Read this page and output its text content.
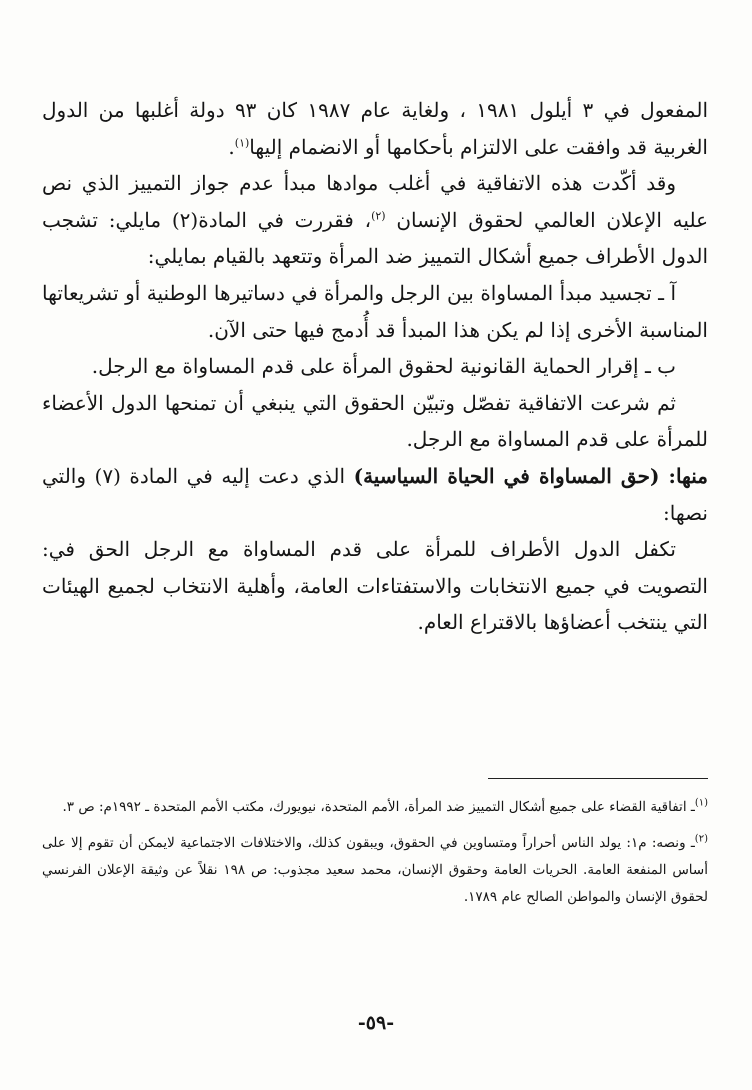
المفعول في ٣ أيلول ١٩٨١ ، ولغاية عام ١٩٨٧ كان ٩٣ دولة أغلبها من الدول الغربية قد وافقت على الالتزام بأحكامها أو الانضمام إليها$^{(١)}$.

وقد أكّدت هذه الاتفاقية في أغلب موادها مبدأ عدم جواز التمييز الذي نص عليه الإعلان العالمي لحقوق الإنسان $^{(٢)}$، فقررت في المادة(٢) مايلي: تشجب الدول الأطراف جميع أشكال التمييز ضد المرأة وتتعهد بالقيام بمايلي:

آ ـ تجسيد مبدأ المساواة بين الرجل والمرأة في دساتيرها الوطنية أو تشريعاتها المناسبة الأخرى إذا لم يكن هذا المبدأ قد أُدمج فيها حتى الآن.

ب ـ إقرار الحماية القانونية لحقوق المرأة على قدم المساواة مع الرجل.

ثم شرعت الاتفاقية تفصّل وتبيّن الحقوق التي ينبغي أن تمنحها الدول الأعضاء للمرأة على قدم المساواة مع الرجل.

منها: (حق المساواة في الحياة السياسية) الذي دعت إليه في المادة (٧) والتي نصها:

تكفل الدول الأطراف للمرأة على قدم المساواة مع الرجل الحق في: التصويت في جميع الانتخابات والاستفتاءات العامة، وأهلية الانتخاب لجميع الهيئات التي ينتخب أعضاؤها بالاقتراع العام.

$^{(١)}$ـ اتفاقية القضاء على جميع أشكال التمييز ضد المرأة، الأمم المتحدة، نيويورك، مكتب الأمم المتحدة ـ ١٩٩٢م: ص ٣.

$^{(٢)}$ـ ونصه: م١: يولد الناس أحراراً ومتساوين في الحقوق، ويبقون كذلك، والاختلافات الاجتماعية لايمكن أن تقوم إلا على أساس المنفعة العامة. الحريات العامة وحقوق الإنسان، محمد سعيد مجذوب: ص ١٩٨ نقلاً عن وثيقة الإعلان الفرنسي لحقوق الإنسان والمواطن الصالح عام ١٧٨٩.

-٥٩-
